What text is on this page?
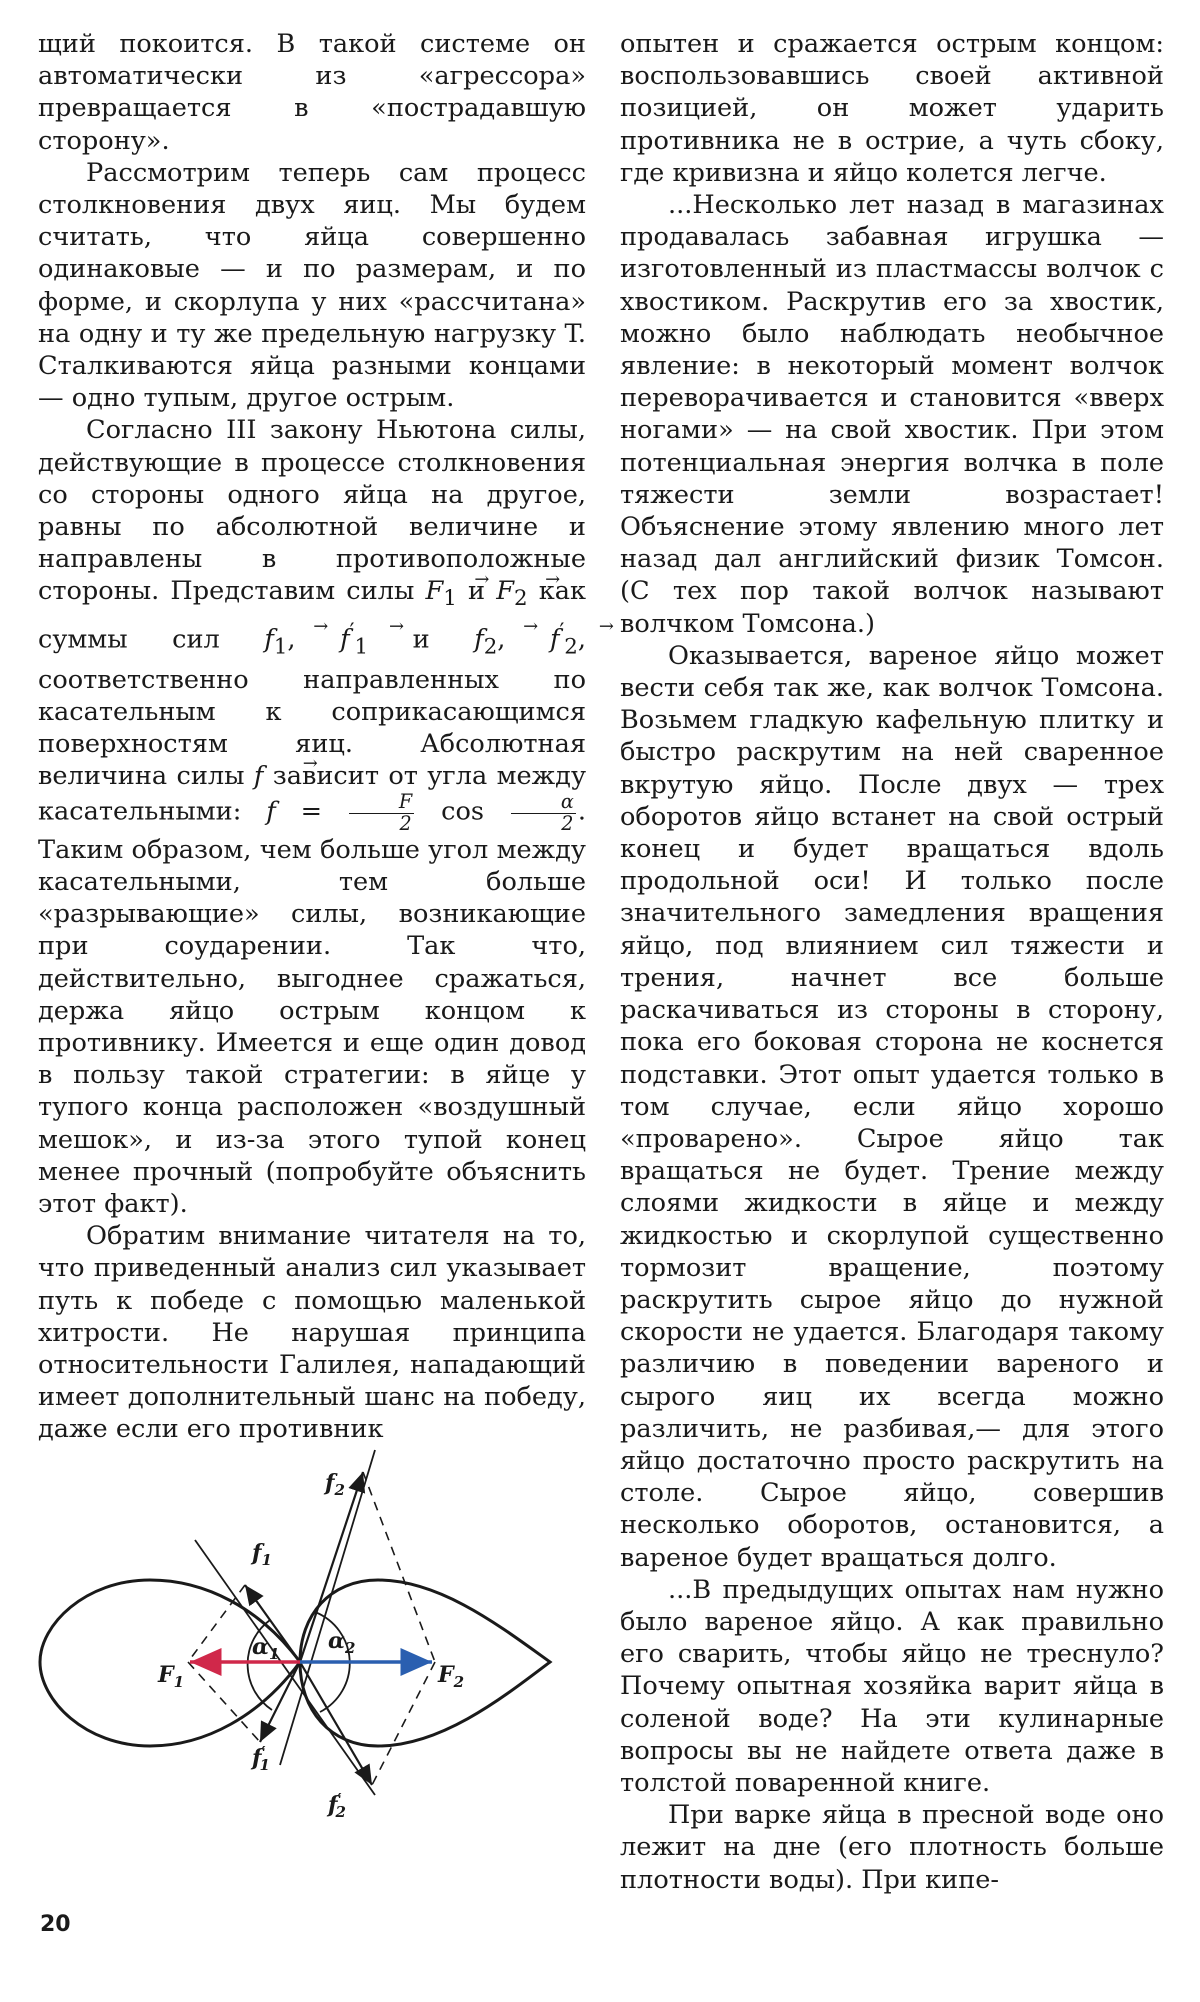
щий покоится. В такой системе он автоматически из «агрессора» превращается в «пострадавшую сторону».

Рассмотрим теперь сам процесс столкновения двух яиц. Мы будем считать, что яйца совершенно одинаковые — и по размерам, и по форме, и скорлупа у них «рассчитана» на одну и ту же предельную нагрузку T. Сталкиваются яйца разными концами — одно тупым, другое острым.

Согласно III закону Ньютона силы, действующие в процессе столкновения со стороны одного яйца на другое, равны по абсолютной величине и направлены в противоположные стороны. Представим силы → $F_1$ $и \to F_2$ как суммы сил → $f_1$, → $f'_1$ $и \to f_2$, → $f'_2$, соответственно направленных по касательным к соприкасающимся поверхностям яиц. Абсолютная величина силы → f зависит от угла между касательными: $f = \frac{F}{2}$ $\cos \frac{\alpha}{2}$ . Таким образом, чем больше угол между касательными, тем больше «разрывающие» силы, возникающие при соударении. Так что, действительно, выгоднее сражаться, держа яйцо острым концом к противнику. Имеется и еще один довод в пользу такой стратегии: в яйце у тупого конца расположен «воздушный мешок», и из-за этого тупой конец менее прочный (попробуйте объяснить этот факт).

Обратим внимание читателя на то, что приведенный анализ сил указывает путь к победе с помощью маленькой хитрости. Не нарушая принципа относительности Галилея, нападающий имеет дополнительный шанс на победу, даже если его противник

опытен и сражается острым концом: воспользовавшись своей активной позицией, он может ударить противника не в острие, а чуть сбоку, где кривизна и яйцо колется легче.

...Несколько лет назад в магазинах продавалась забавная игрушка — изготовленный из пластмассы волчок с хвостиком. Раскрутив его за хвостик, можно было наблюдать необычное явление: в некоторый момент волчок переворачивается и становится «вверх ногами» — на свой хвостик. При этом потенциальная энергия волчка в поле тяжести земли возрастает! Объяснение этому явлению много лет назад дал английский физик Томсон. (С тех пор такой волчок называют волчком Томсона.)

Оказывается, вареное яйцо может вести себя так же, как волчок Томсона. Возьмем гладкую кафельную плитку и быстро раскрутим на ней сваренное вкрутую яйцо. После двух — трех оборотов яйцо встанет на свой острый конец и будет вращаться вдоль продольной оси! И только после значительного замедления вращения яйцо, под влиянием сил тяжести и трения, начнет все больше раскачиваться из стороны в сторону, пока его боковая сторона не коснется подставки. Этот опыт удается только в том случае, если яйцо хорошо «проварено». Сырое яйцо так вращаться не будет. Трение между слоями жидкости в яйце и между жидкостью и скорлупой существенно тормозит вращение, поэтому раскрутить сырое яйцо до нужной скорости не удается. Благодаря такому различию в поведении вареного и сырого яиц их всегда можно различить, не разбивая,— для этого яйцо достаточно просто раскрутить на столе. Сырое яйцо, совершив несколько оборотов, остановится, а вареное будет вращаться долго.

...В предыдущих опытах нам нужно было вареное яйцо. А как правильно его сварить, чтобы яйцо не треснуло? Почему опытная хозяйка варит яйца в соленой воде? На эти кулинарные вопросы вы не найдете ответа даже в толстой поваренной книге.

При варке яйца в пресной воде оно лежит на дне (его плотность больше плотности воды). При кипе-

$F_1$	$F_2$
$f_1$
f′ 1
$f_2$
f′ 2
$\alpha_1$ $\alpha_2$
20
